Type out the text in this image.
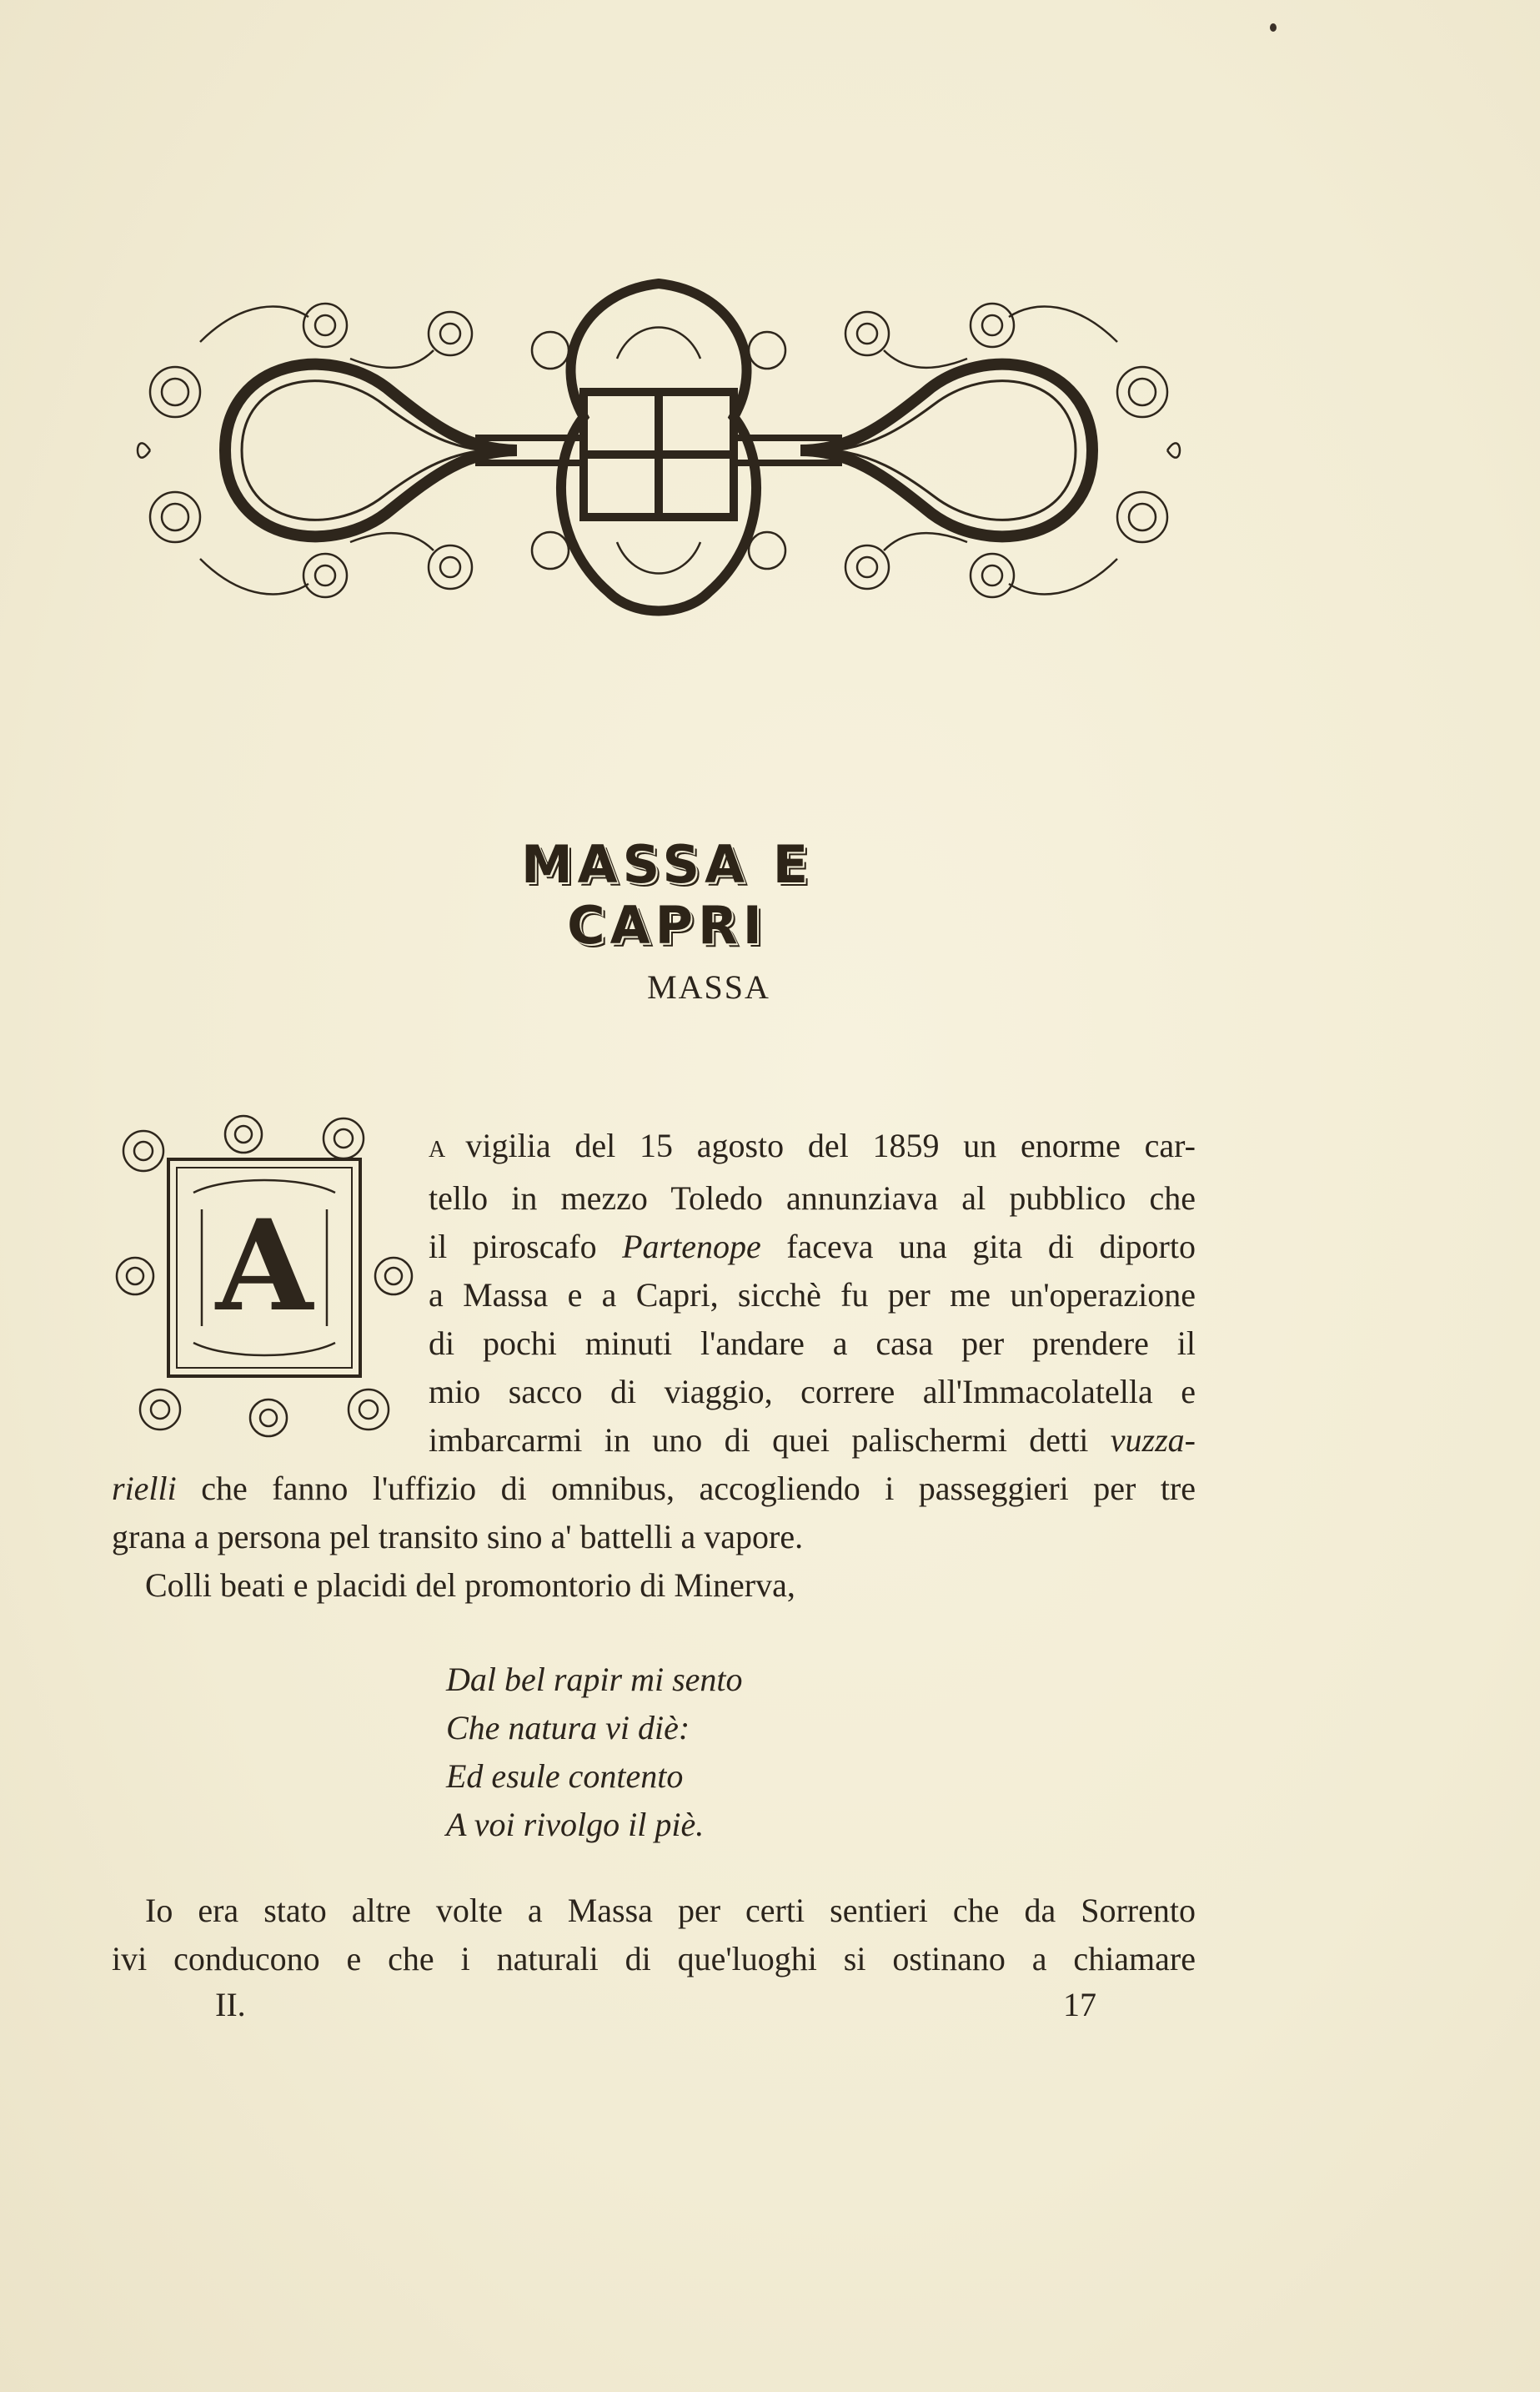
MASSA E CAPRI
MASSA
A
A vigilia del 15 agosto del 1859 un enorme car-
tello in mezzo Toledo annunziava al pubblico che
il piroscafo Partenope faceva una gita di diporto
a Massa e a Capri, sicchè fu per me un'operazione
di pochi minuti l'andare a casa per prendere il
mio sacco di viaggio, correre all'Immacolatella e
imbarcarmi in uno di quei palischermi detti vuzza-
rielli che fanno l'uffizio di omnibus, accogliendo i passeggieri per tre
grana a persona pel transito sino a' battelli a vapore.
Colli beati e placidi del promontorio di Minerva,
Dal bel rapir mi sento
Che natura vi diè:
Ed esule contento
A voi rivolgo il piè.
Io era stato altre volte a Massa per certi sentieri che da Sorrento
ivi conducono e che i naturali di que'luoghi si ostinano a chiamare
II.	17
